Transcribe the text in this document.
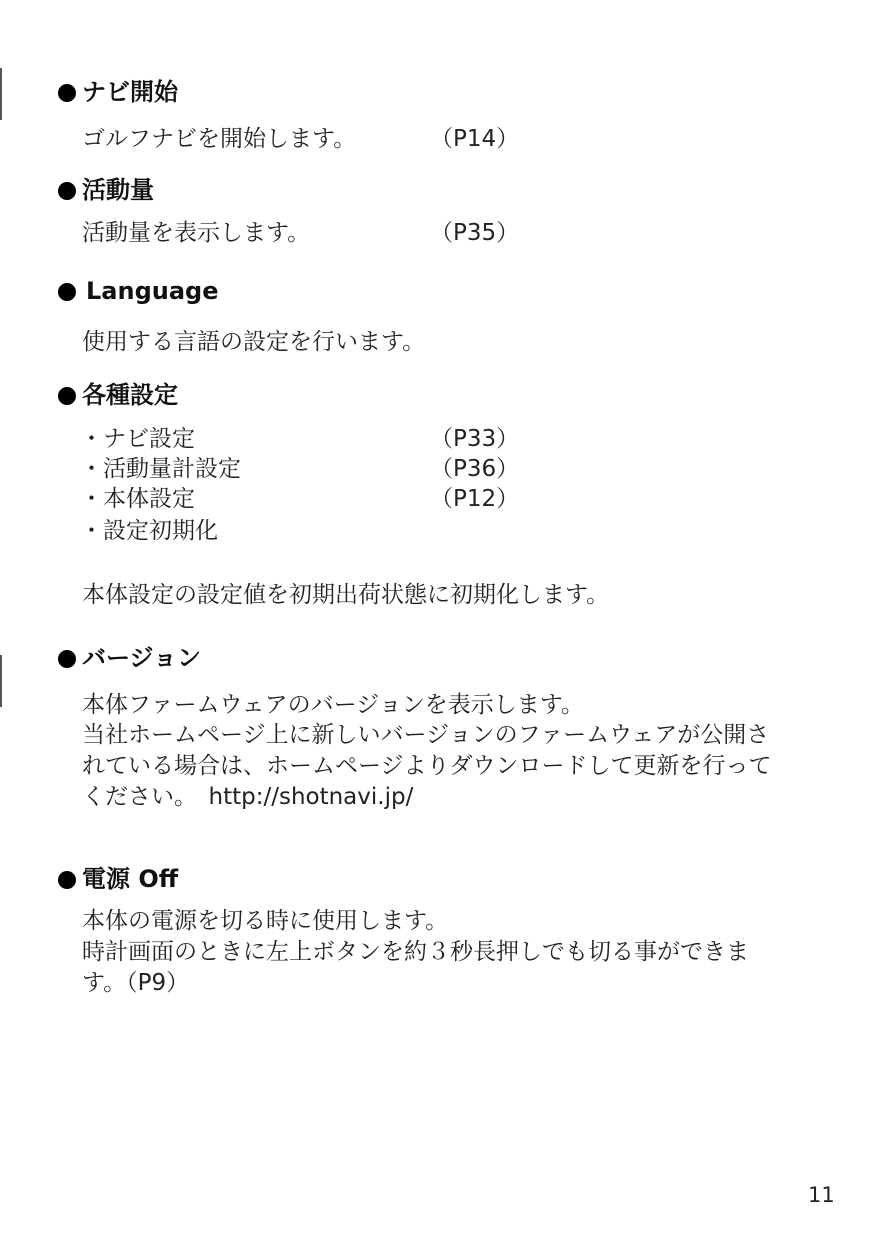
ナビ開始
ゴルフナビを開始します。	（P14）
活動量
活動量を表示します。	（P35）
Language
使用する言語の設定を行います。
各種設定
・ナビ設定	（P33）
・活動量計設定	（P36）
・本体設定	（P12）
・設定初期化
本体設定の設定値を初期出荷状態に初期化します。
バージョン
本体ファームウェアのバージョンを表示します。
当社ホームページ上に新しいバージョンのファームウェアが公開さ
れている場合は、ホームページよりダウンロードして更新を行って
ください。　http://shotnavi.jp/
電源 Off
本体の電源を切る時に使用します。
時計画面のときに左上ボタンを約３秒長押しでも切る事ができま
す。（P9）
11
